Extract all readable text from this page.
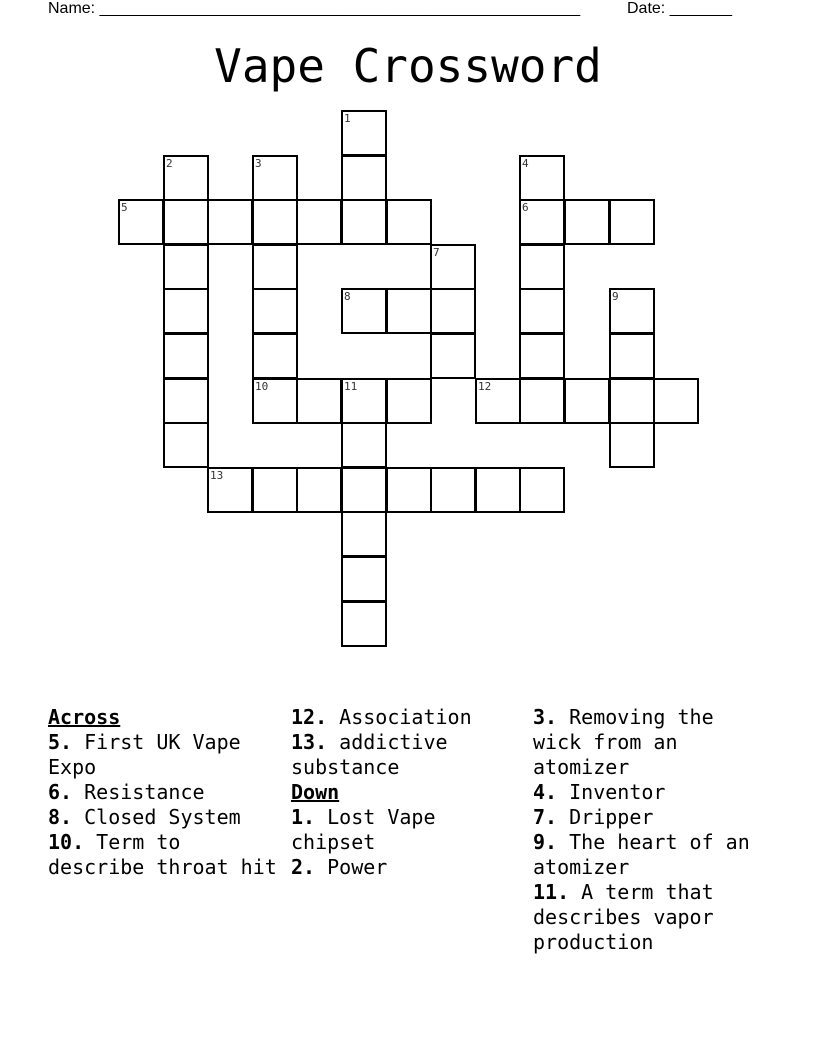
Name: ______________________________________________________	Date: _______
Vape Crossword
1
2	3	4
5	6
7
8	9
10	11	12
13
Across

5. First UK Vape Expo

6. Resistance

8. Closed System

10. Term to describe throat hit

12. Association

13. addictive substance

Down

1. Lost Vape chipset

2. Power

3. Removing the wick from an atomizer

4. Inventor

7. Dripper

9. The heart of an atomizer

11. A term that describes vapor production
